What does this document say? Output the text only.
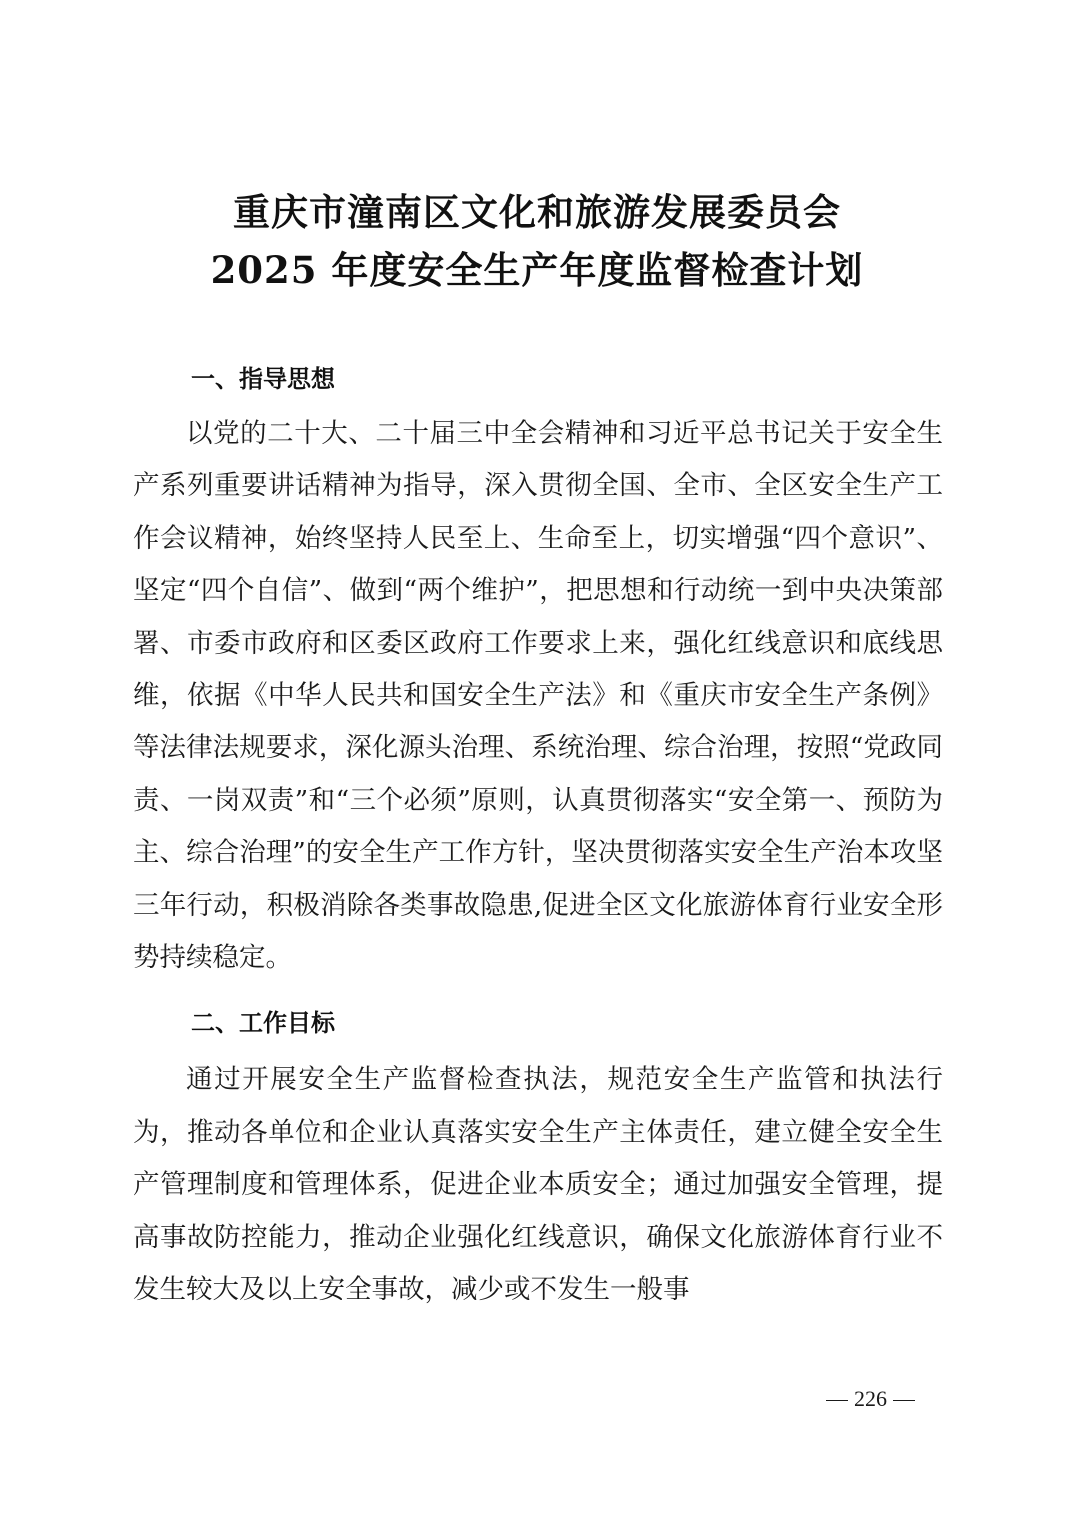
重庆市潼南区文化和旅游发展委员会
2025 年度安全生产年度监督检查计划
一、指导思想

以党的二十大、二十届三中全会精神和习近平总书记关于安全生产系列重要讲话精神为指导，深入贯彻全国、全市、全区安全生产工作会议精神，始终坚持人民至上、生命至上，切实增强“四个意识”、坚定“四个自信”、做到“两个维护”，把思想和行动统一到中央决策部署、市委市政府和区委区政府工作要求上来，强化红线意识和底线思维，依据《中华人民共和国安全生产法》和《重庆市安全生产条例》等法律法规要求，深化源头治理、系统治理、综合治理，按照“党政同责、一岗双责”和“三个必须”原则，认真贯彻落实“安全第一、预防为主、综合治理”的安全生产工作方针，坚决贯彻落实安全生产治本攻坚三年行动，积极消除各类事故隐患,促进全区文化旅游体育行业安全形势持续稳定。

二、工作目标

通过开展安全生产监督检查执法，规范安全生产监管和执法行为，推动各单位和企业认真落实安全生产主体责任，建立健全安全生产管理制度和管理体系，促进企业本质安全；通过加强安全管理，提高事故防控能力，推动企业强化红线意识，确保文化旅游体育行业不发生较大及以上安全事故，减少或不发生一般事

226
